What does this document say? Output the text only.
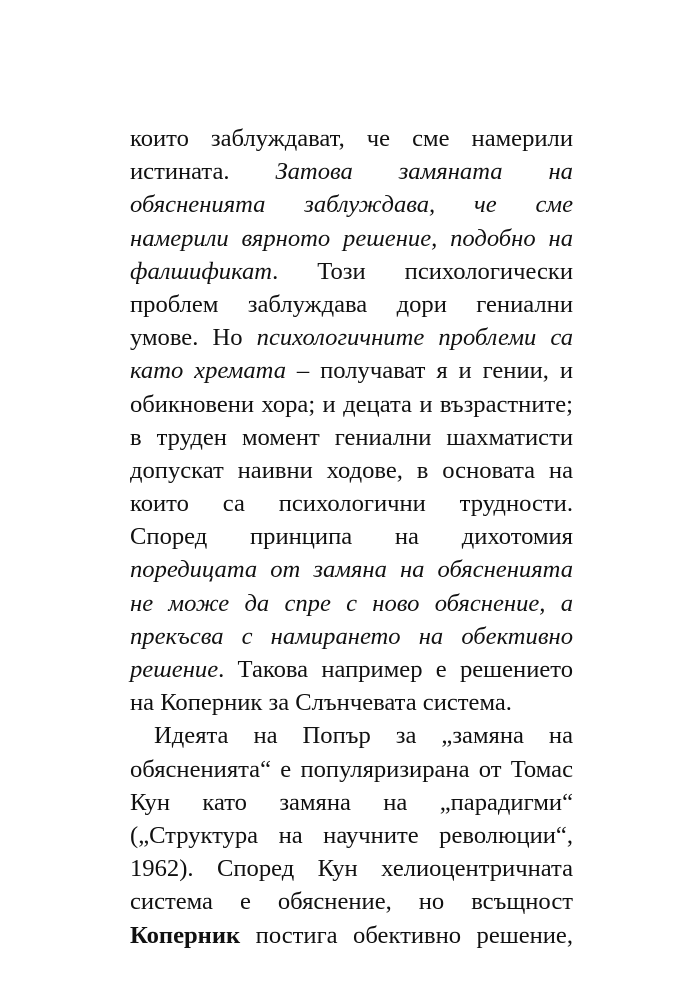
които заблуждават, че сме намерили
истината. Затова замяната на
обясненията заблуждава, че сме
намерили вярното решение, подобно на
фалшификат. Този психологически
проблем заблуждава дори гениални
умове. Но психологичните проблеми са
като хремата – получават я и гении, и
обикновени хора; и децата и възрастните;
в труден момент гениални шахматисти
допускат наивни ходове, в основата на
които са психологични трудности.
Според принципа на дихотомия
поредицата от замяна на обясненията
не може да спре с ново обяснение, а
прекъсва с намирането на обективно
решение. Такова например е решението
на Коперник за Слънчевата система.
Идеята на Попър за „замяна на
обясненията“ е популяризирана от Томас
Кун като замяна на „парадигми“
(„Структура на научните революции“,
1962). Според Кун хелиоцентричната
система е обяснение, но всъщност
Коперник постига обективно решение,
